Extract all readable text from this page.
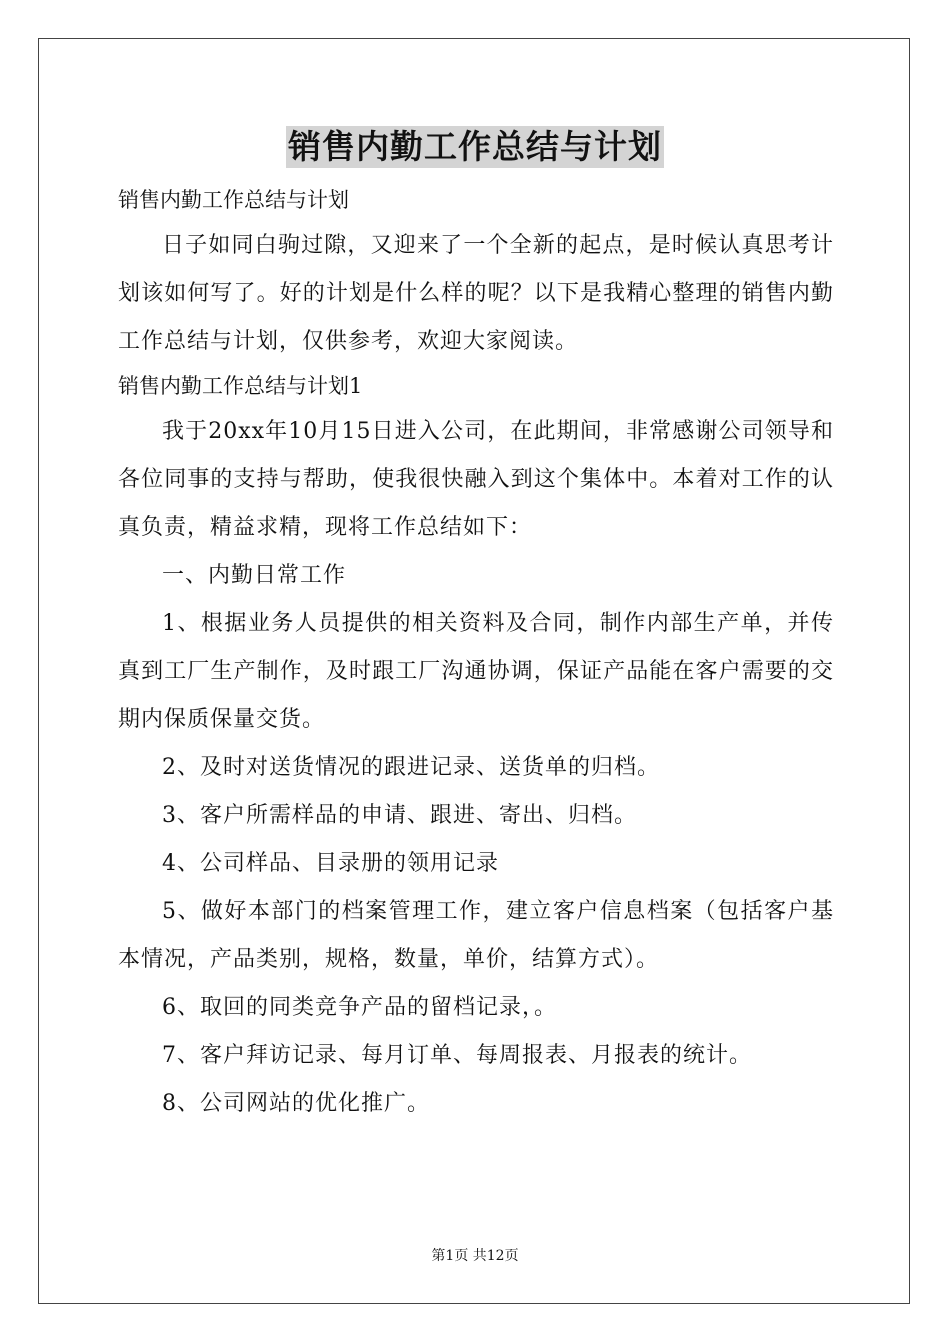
销售内勤工作总结与计划
销售内勤工作总结与计划

日子如同白驹过隙，又迎来了一个全新的起点，是时候认真思考计划该如何写了。好的计划是什么样的呢？以下是我精心整理的销售内勤工作总结与计划，仅供参考，欢迎大家阅读。

销售内勤工作总结与计划1

我于20xx年10月15日进入公司，在此期间，非常感谢公司领导和各位同事的支持与帮助，使我很快融入到这个集体中。本着对工作的认真负责，精益求精，现将工作总结如下：

一、内勤日常工作

1、根据业务人员提供的相关资料及合同，制作内部生产单，并传真到工厂生产制作，及时跟工厂沟通协调，保证产品能在客户需要的交期内保质保量交货。

2、及时对送货情况的跟进记录、送货单的归档。

3、客户所需样品的申请、跟进、寄出、归档。

4、公司样品、目录册的领用记录

5、做好本部门的档案管理工作，建立客户信息档案（包括客户基本情况，产品类别，规格，数量，单价，结算方式）。

6、取回的同类竞争产品的留档记录，。

7、客户拜访记录、每月订单、每周报表、月报表的统计。

8、公司网站的优化推广。

第1页 共12页
